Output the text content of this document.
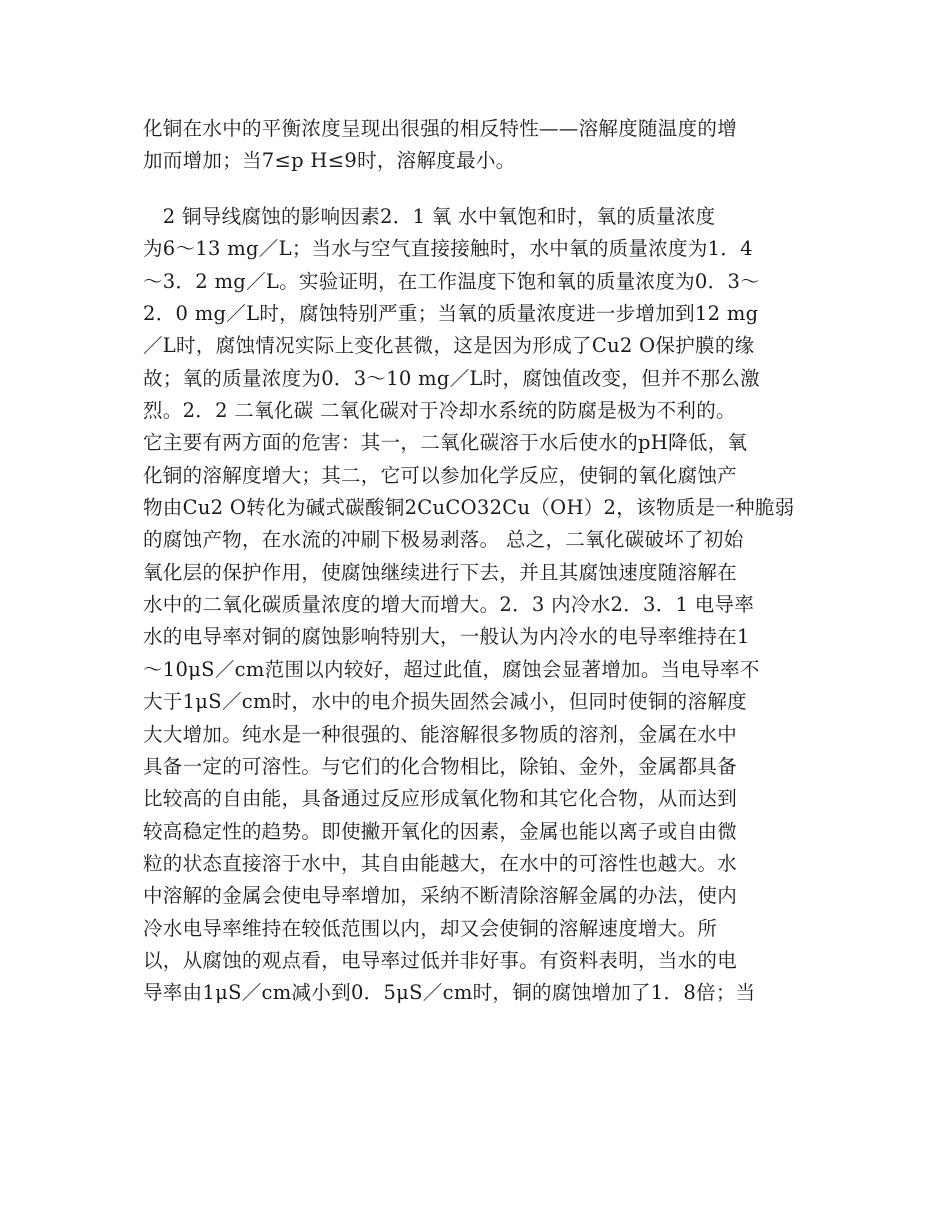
化铜在水中的平衡浓度呈现出很强的相反特性——溶解度随温度的增
加而增加；当7≤p H≤9时，溶解度最小。
　2 铜导线腐蚀的影响因素2．1 氧 水中氧饱和时，氧的质量浓度
为6～13 mg／L；当水与空气直接接触时，水中氧的质量浓度为1．4
～3．2 mg／L。实验证明，在工作温度下饱和氧的质量浓度为0．3～
2．0 mg／L时，腐蚀特别严重；当氧的质量浓度进一步增加到12 mg
／L时，腐蚀情况实际上变化甚微，这是因为形成了Cu2 O保护膜的缘
故；氧的质量浓度为0．3～10 mg／L时，腐蚀值改变，但并不那么激
烈。2．2 二氧化碳 二氧化碳对于冷却水系统的防腐是极为不利的。
它主要有两方面的危害：其一，二氧化碳溶于水后使水的pH降低，氧
化铜的溶解度增大；其二，它可以参加化学反应，使铜的氧化腐蚀产
物由Cu2 O转化为碱式碳酸铜2CuCO32Cu（OH）2，该物质是一种脆弱
的腐蚀产物，在水流的冲刷下极易剥落。 总之，二氧化碳破坏了初始
氧化层的保护作用，使腐蚀继续进行下去，并且其腐蚀速度随溶解在
水中的二氧化碳质量浓度的增大而增大。2．3 内冷水2．3．1 电导率
水的电导率对铜的腐蚀影响特别大，一般认为内冷水的电导率维持在1
～10μS／cm范围以内较好，超过此值，腐蚀会显著增加。当电导率不
大于1μS／cm时，水中的电介损失固然会减小，但同时使铜的溶解度
大大增加。纯水是一种很强的、能溶解很多物质的溶剂，金属在水中
具备一定的可溶性。与它们的化合物相比，除铂、金外，金属都具备
比较高的自由能，具备通过反应形成氧化物和其它化合物，从而达到
较高稳定性的趋势。即使撇开氧化的因素，金属也能以离子或自由微
粒的状态直接溶于水中，其自由能越大，在水中的可溶性也越大。水
中溶解的金属会使电导率增加，采纳不断清除溶解金属的办法，使内
冷水电导率维持在较低范围以内，却又会使铜的溶解速度增大。所
以，从腐蚀的观点看，电导率过低并非好事。有资料表明，当水的电
导率由1μS／cm减小到0．5μS／cm时，铜的腐蚀增加了1．8倍；当
